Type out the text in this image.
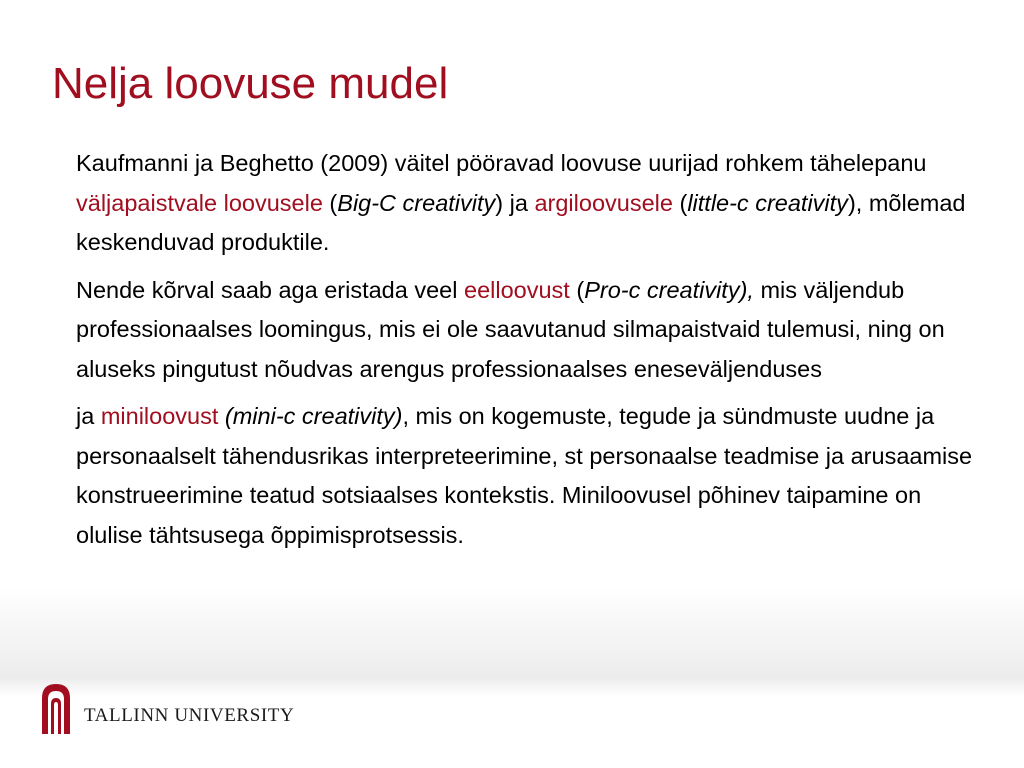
Nelja loovuse mudel

Kaufmanni ja Beghetto (2009) väitel pööravad loovuse uurijad rohkem tähelepanu väljapaistvale loovusele (Big-C creativity) ja argiloovusele (little-c creativity), mõlemad keskenduvad produktile.

Nende kõrval saab aga eristada veel eelloovust (Pro-c creativity), mis väljendub professionaalses loomingus, mis ei ole saavutanud silmapaistvaid tulemusi, ning on aluseks pingutust nõudvas arengus professionaalses eneseväljenduses

ja miniloovust (mini-c creativity), mis on kogemuste, tegude ja sündmuste uudne ja personaalselt tähendusrikas interpreteerimine, st personaalse teadmise ja arusaamise konstrueerimine teatud sotsiaalses kontekstis. Miniloovusel põhinev taipamine on olulise tähtsusega õppimisprotsessis.

TALLINN UNIVERSITY
